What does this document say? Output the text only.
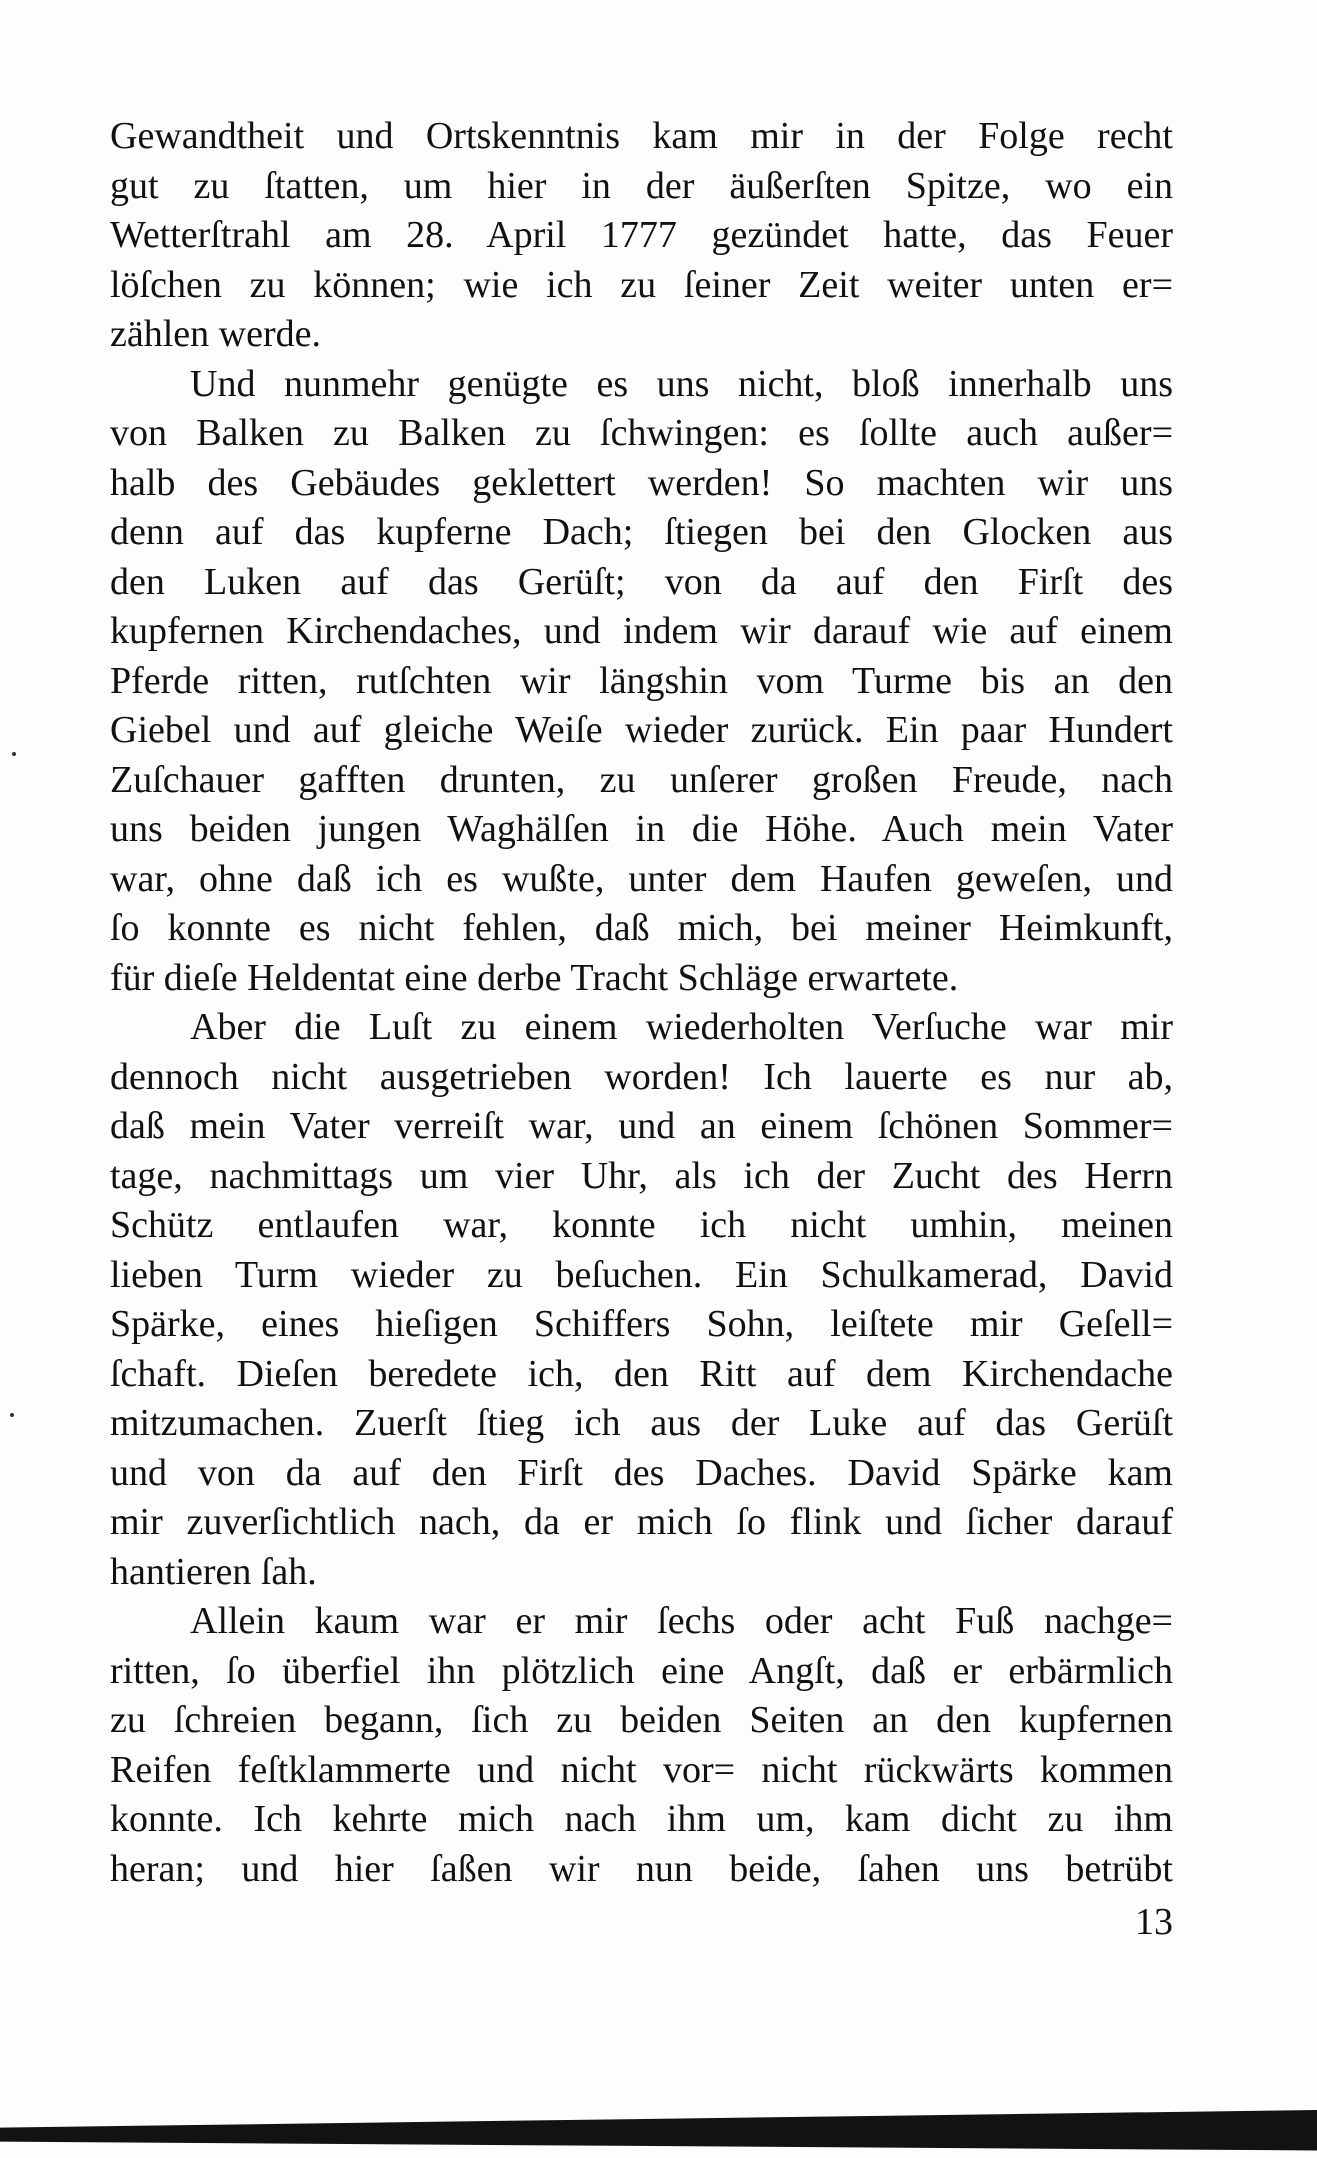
Gewandtheit und Ortskenntnis kam mir in der Folge recht
gut zu ſtatten, um hier in der äußerſten Spitze, wo ein
Wetterſtrahl am 28. April 1777 gezündet hatte, das Feuer
löſchen zu können; wie ich zu ſeiner Zeit weiter unten er=
zählen werde.
Und nunmehr genügte es uns nicht, bloß innerhalb uns
von Balken zu Balken zu ſchwingen: es ſollte auch außer=
halb des Gebäudes geklettert werden! So machten wir uns
denn auf das kupferne Dach; ſtiegen bei den Glocken aus
den Luken auf das Gerüſt; von da auf den Firſt des
kupfernen Kirchendaches, und indem wir darauf wie auf einem
Pferde ritten, rutſchten wir längshin vom Turme bis an den
Giebel und auf gleiche Weiſe wieder zurück. Ein paar Hundert
Zuſchauer gafften drunten, zu unſerer großen Freude, nach
uns beiden jungen Waghälſen in die Höhe. Auch mein Vater
war, ohne daß ich es wußte, unter dem Haufen geweſen, und
ſo konnte es nicht fehlen, daß mich, bei meiner Heimkunft,
für dieſe Heldentat eine derbe Tracht Schläge erwartete.
Aber die Luſt zu einem wiederholten Verſuche war mir
dennoch nicht ausgetrieben worden! Ich lauerte es nur ab,
daß mein Vater verreiſt war, und an einem ſchönen Sommer=
tage, nachmittags um vier Uhr, als ich der Zucht des Herrn
Schütz entlaufen war, konnte ich nicht umhin, meinen
lieben Turm wieder zu beſuchen. Ein Schulkamerad, David
Spärke, eines hieſigen Schiffers Sohn, leiſtete mir Geſell=
ſchaft. Dieſen beredete ich, den Ritt auf dem Kirchendache
mitzumachen. Zuerſt ſtieg ich aus der Luke auf das Gerüſt
und von da auf den Firſt des Daches. David Spärke kam
mir zuverſichtlich nach, da er mich ſo flink und ſicher darauf
hantieren ſah.
Allein kaum war er mir ſechs oder acht Fuß nachge=
ritten, ſo überfiel ihn plötzlich eine Angſt, daß er erbärmlich
zu ſchreien begann, ſich zu beiden Seiten an den kupfernen
Reifen feſtklammerte und nicht vor= nicht rückwärts kommen
konnte. Ich kehrte mich nach ihm um, kam dicht zu ihm
heran; und hier ſaßen wir nun beide, ſahen uns betrübt
13
